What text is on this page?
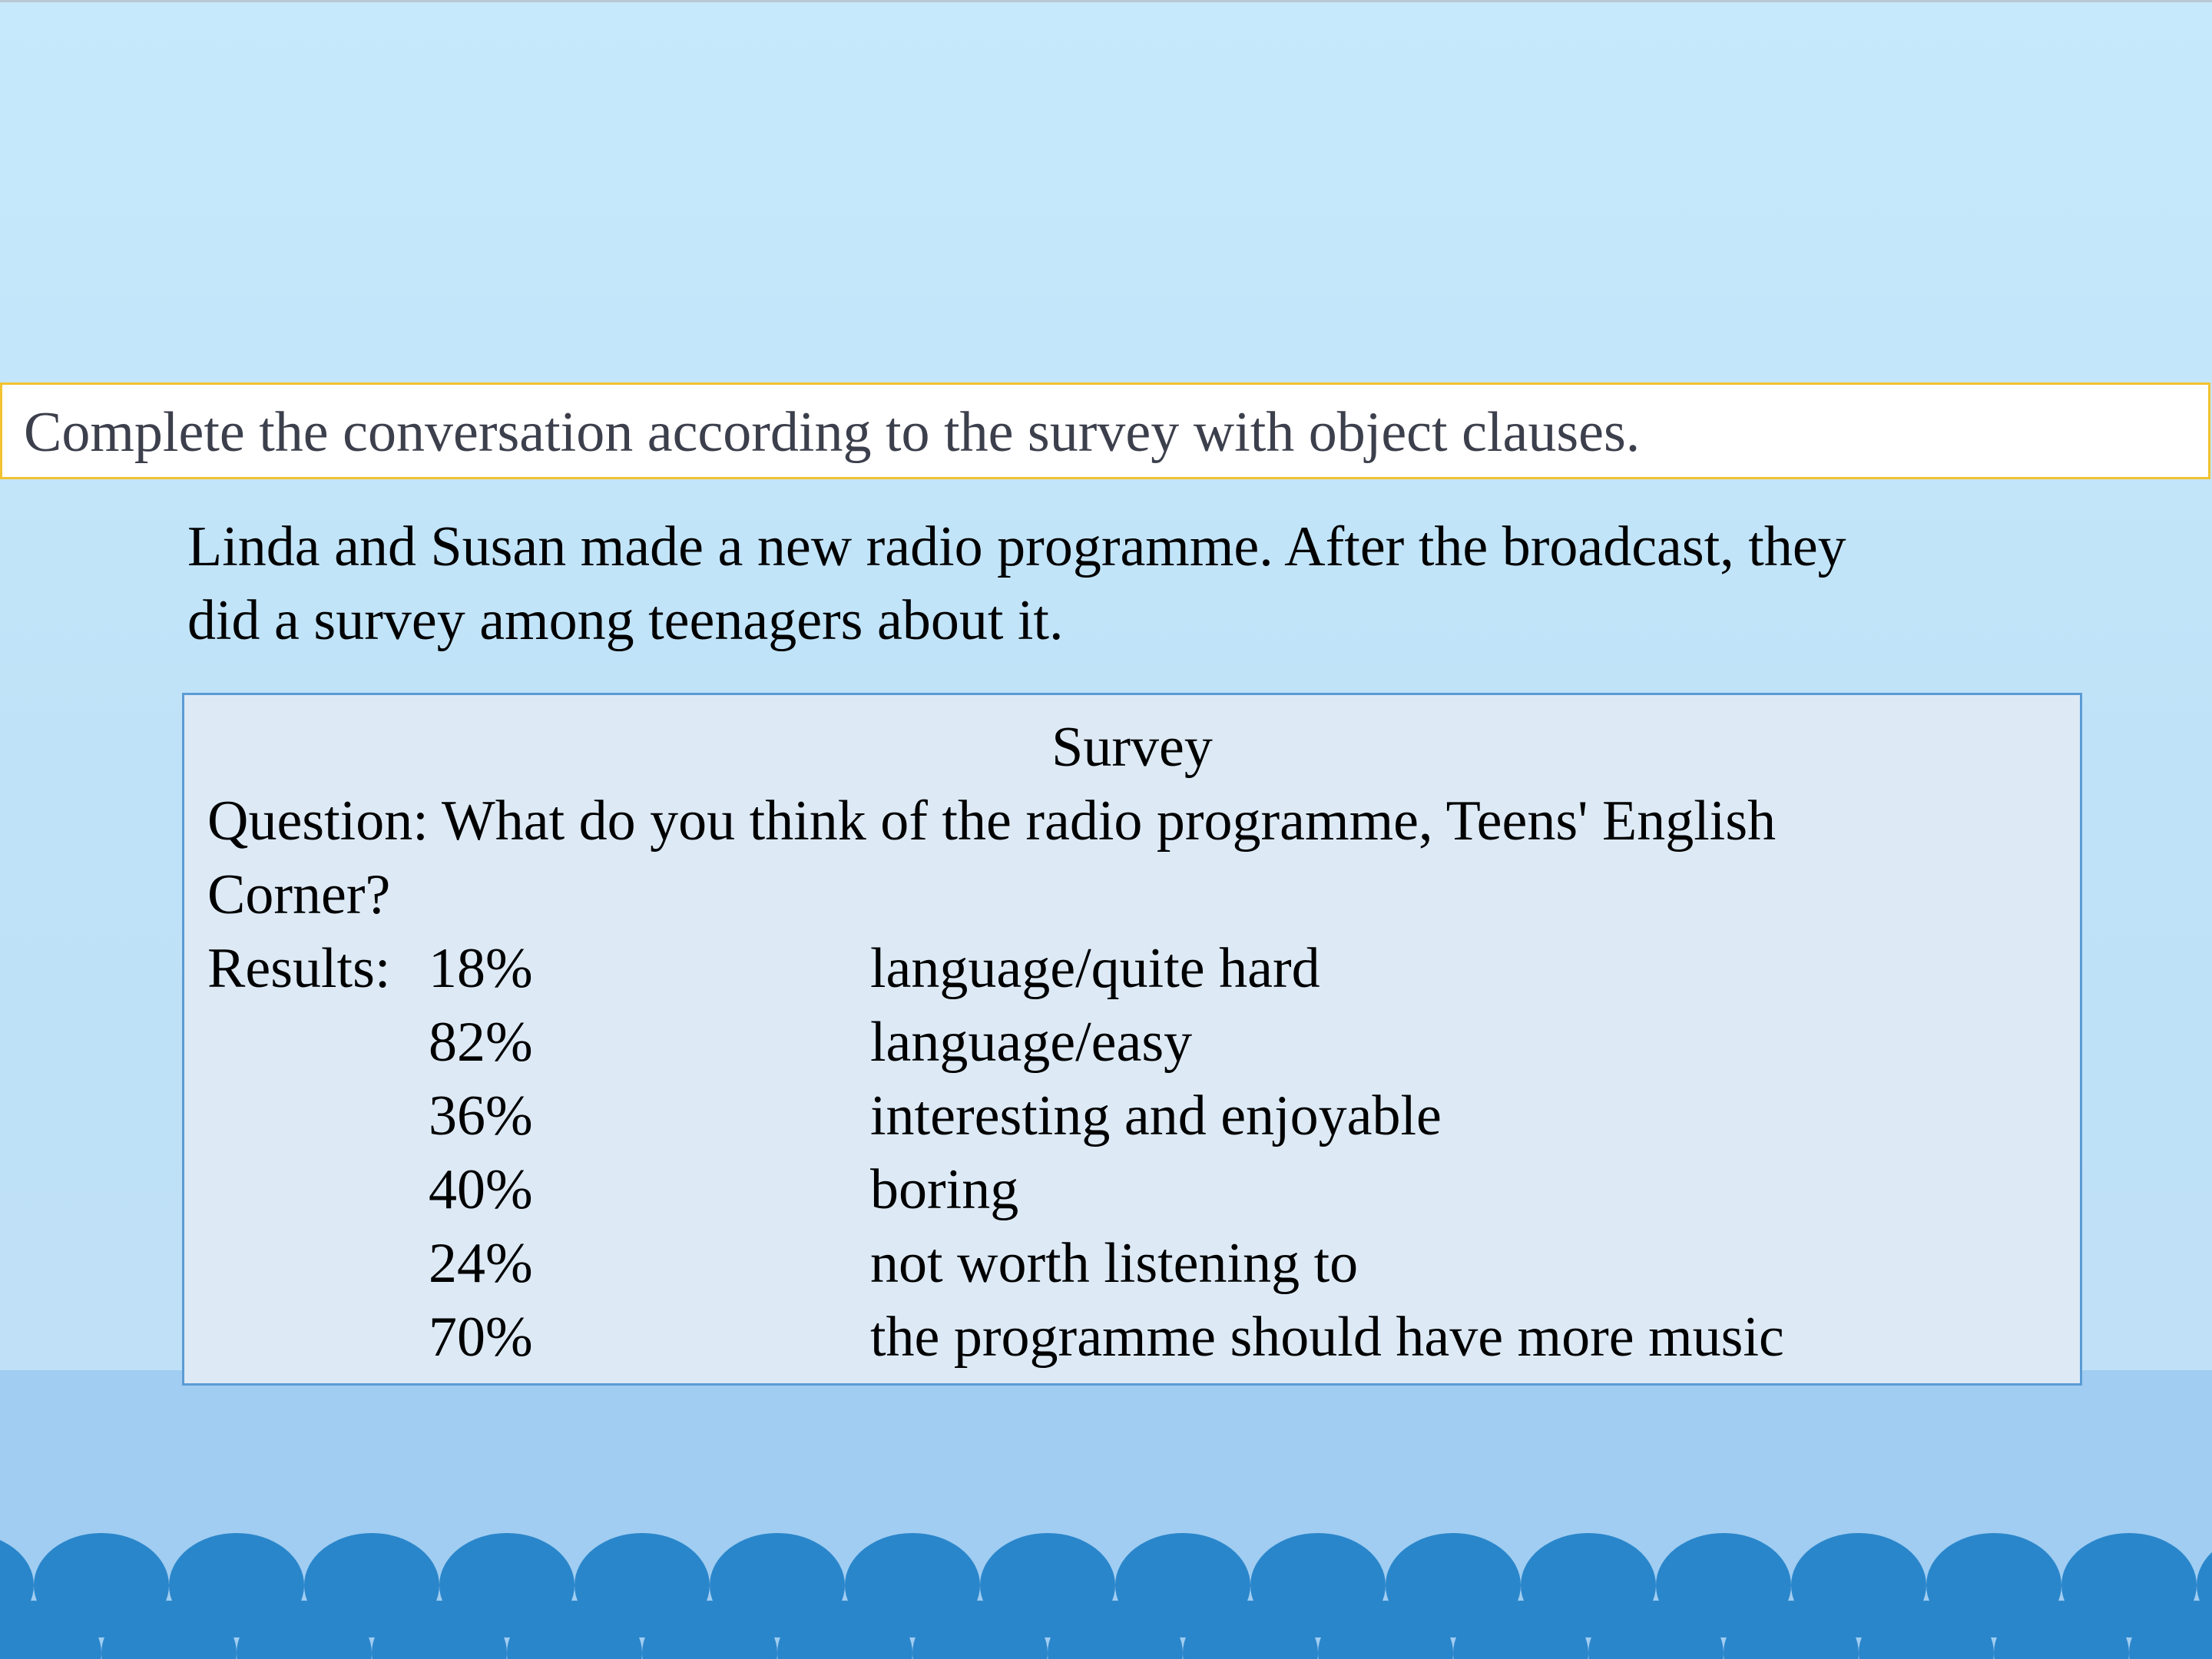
Complete the conversation according to the survey with object clauses.

Linda and Susan made a new radio programme. After the broadcast, they

did a survey among teenagers about it.

Survey

Question: What do you think of the radio programme, Teens' English

Corner?

Results: 18%	language/quite hard
82%	language/easy
36%	interesting and enjoyable
40%	boring
24%	not worth listening to
70%	the programme should have more music
